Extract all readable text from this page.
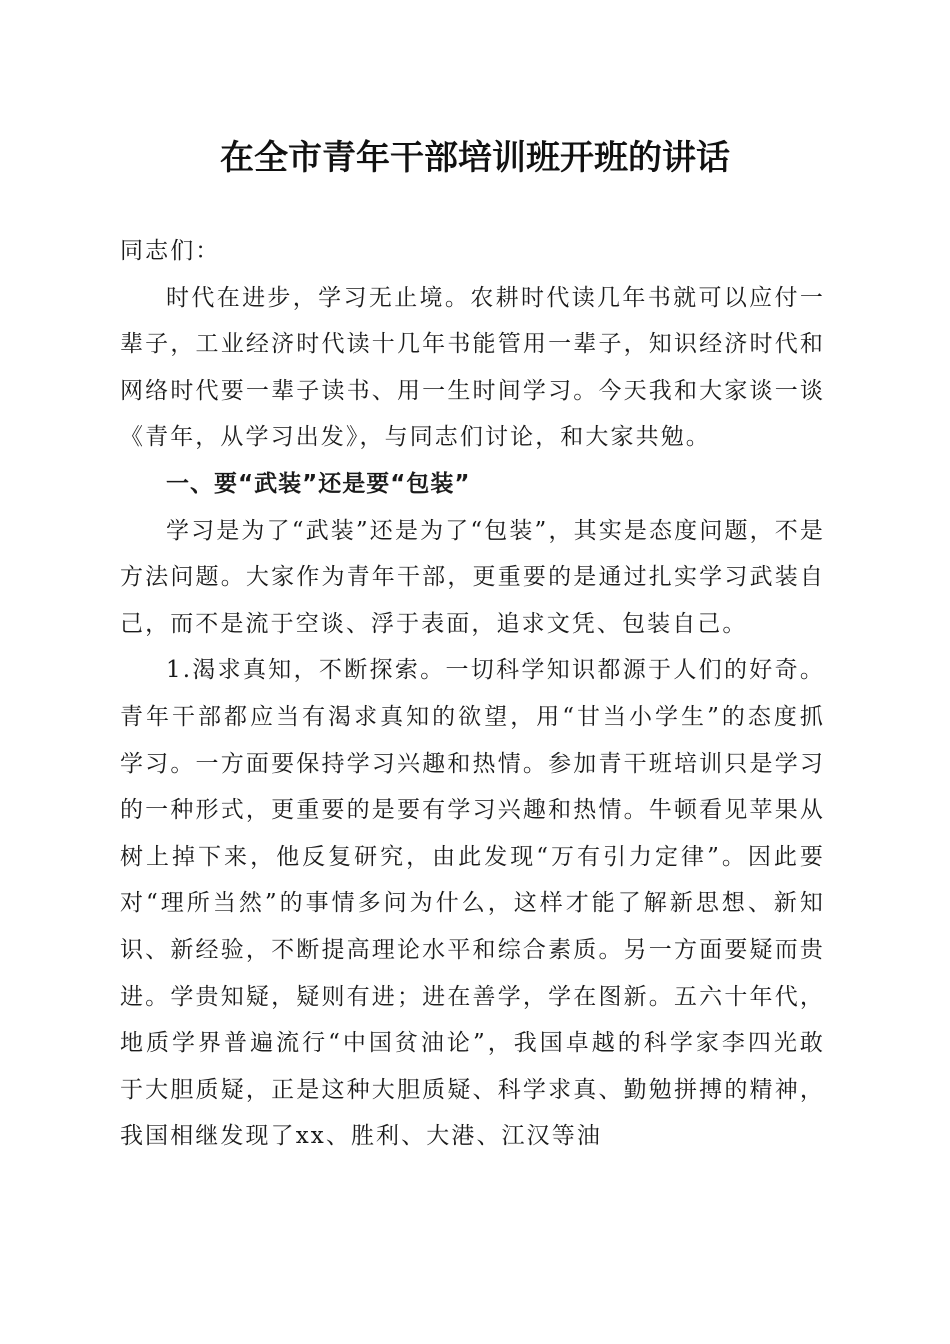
在全市青年干部培训班开班的讲话

同志们：

时代在进步，学习无止境。农耕时代读几年书就可以应付一辈子，工业经济时代读十几年书能管用一辈子，知识经济时代和网络时代要一辈子读书、用一生时间学习。今天我和大家谈一谈《青年，从学习出发》，与同志们讨论，和大家共勉。

一、要“武装”还是要“包装”

学习是为了“武装”还是为了“包装”，其实是态度问题，不是方法问题。大家作为青年干部，更重要的是通过扎实学习武装自己，而不是流于空谈、浮于表面，追求文凭、包装自己。

1.渴求真知，不断探索。一切科学知识都源于人们的好奇。青年干部都应当有渴求真知的欲望，用“甘当小学生”的态度抓学习。一方面要保持学习兴趣和热情。参加青干班培训只是学习的一种形式，更重要的是要有学习兴趣和热情。牛顿看见苹果从树上掉下来，他反复研究，由此发现“万有引力定律”。因此要对“理所当然”的事情多问为什么，这样才能了解新思想、新知识、新经验，不断提高理论水平和综合素质。另一方面要疑而贵进。学贵知疑，疑则有进；进在善学，学在图新。五六十年代，地质学界普遍流行“中国贫油论”，我国卓越的科学家李四光敢于大胆质疑，正是这种大胆质疑、科学求真、勤勉拼搏的精神，我国相继发现了xx、胜利、大港、江汉等油
